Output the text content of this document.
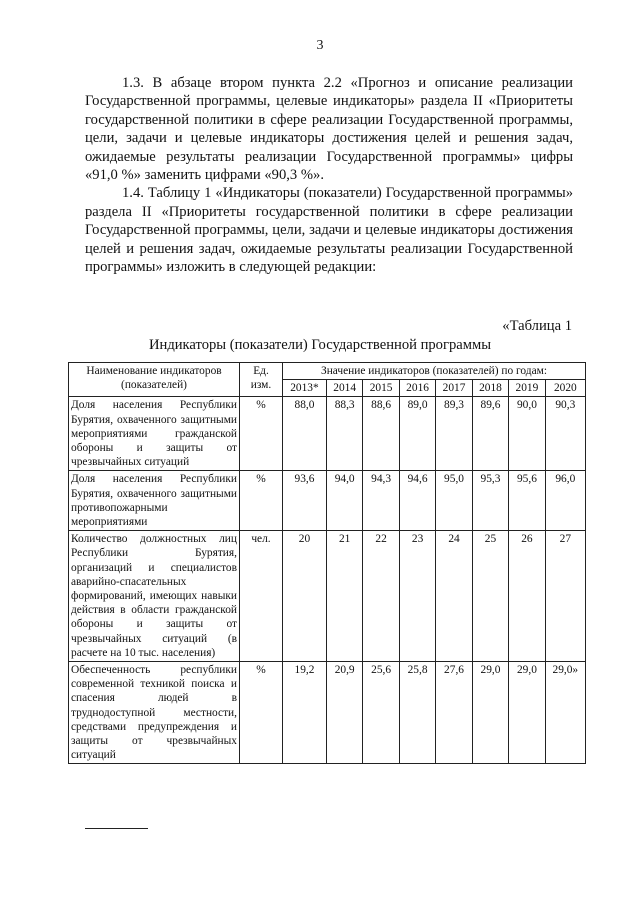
3

1.3. В абзаце втором пункта 2.2 «Прогноз и описание реализации Государственной программы, целевые индикаторы» раздела II «Приоритеты государственной политики в сфере реализации Государственной программы, цели, задачи и целевые индикаторы достижения целей и решения задач, ожидаемые результаты реализации Государственной программы» цифры «91,0 %» заменить цифрами «90,3 %».

1.4. Таблицу 1 «Индикаторы (показатели) Государственной программы» раздела II «Приоритеты государственной политики в сфере реализации Государственной программы, цели, задачи и целевые индикаторы достижения целей и решения задач, ожидаемые результаты реализации Государственной программы» изложить в следующей редакции:

«Таблица 1
Индикаторы (показатели) Государственной программы
Наименование индикаторов (показателей)	Ед. изм.	Значение индикаторов (показателей) по годам:							
		2013*	2014	2015	2016	2017	2018	2019	2020
Доля населения Республики Бурятия, охваченного защитными мероприятиями гражданской обороны и защиты от чрезвычайных ситуаций	%	88,0	88,3	88,6	89,0	89,3	89,6	90,0	90,3
Доля населения Республики Бурятия, охваченного защитными противопожарными мероприятиями	%	93,6	94,0	94,3	94,6	95,0	95,3	95,6	96,0
Количество должностных лиц Республики Бурятия, организаций и специалистов аварийно-спасательных формирований, имеющих навыки действия в области гражданской обороны и защиты от чрезвычайных ситуаций (в расчете на 10 тыс. населения)	чел.	20	21	22	23	24	25	26	27
Обеспеченность республики современной техникой поиска и спасения людей в труднодоступной местности, средствами предупреждения и защиты от чрезвычайных ситуаций	%	19,2	20,9	25,6	25,8	27,6	29,0	29,0	29,0»
